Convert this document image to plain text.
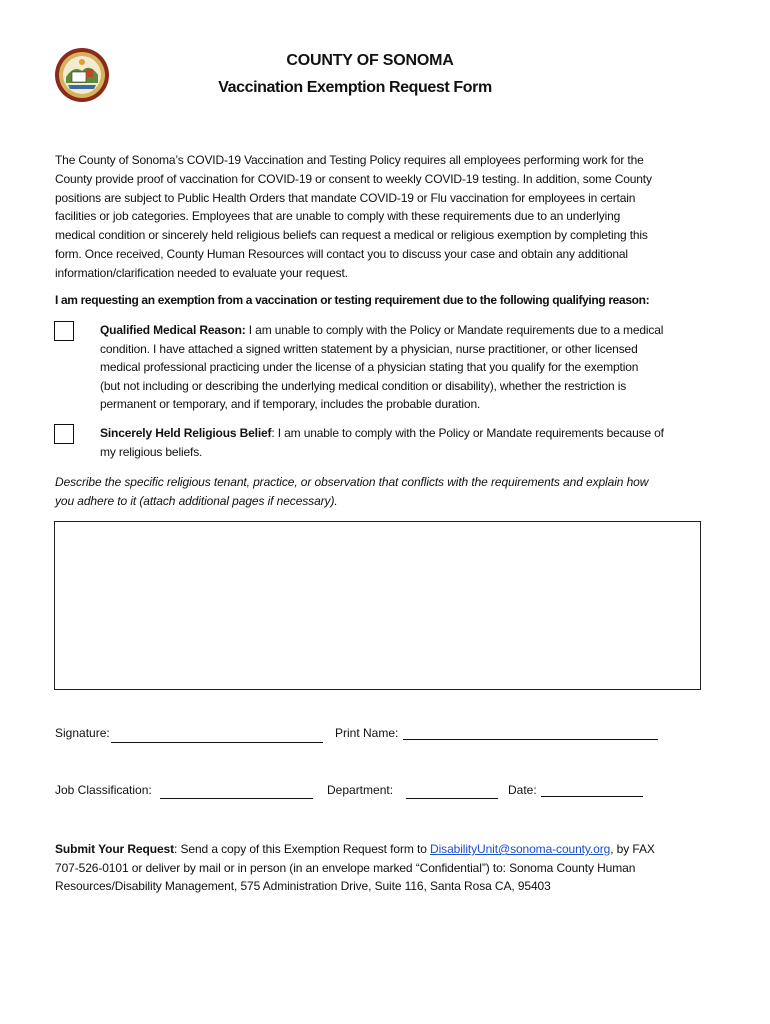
COUNTY OF SONOMA
Vaccination Exemption Request Form
The County of Sonoma’s COVID-19 Vaccination and Testing Policy requires all employees performing work for the
County provide proof of vaccination for COVID-19 or consent to weekly COVID-19 testing. In addition, some County
positions are subject to Public Health Orders that mandate COVID-19 or Flu vaccination for employees in certain
facilities or job categories. Employees that are unable to comply with these requirements due to an underlying
medical condition or sincerely held religious beliefs can request a medical or religious exemption by completing this
form. Once received, County Human Resources will contact you to discuss your case and obtain any additional
information/clarification needed to evaluate your request.
I am requesting an exemption from a vaccination or testing requirement due to the following qualifying reason:
Qualified Medical Reason: I am unable to comply with the Policy or Mandate requirements due to a medical
condition. I have attached a signed written statement by a physician, nurse practitioner, or other licensed
medical professional practicing under the license of a physician stating that you qualify for the exemption
(but not including or describing the underlying medical condition or disability), whether the restriction is
permanent or temporary, and if temporary, includes the probable duration.
Sincerely Held Religious Belief: I am unable to comply with the Policy or Mandate requirements because of
my religious beliefs.
Describe the specific religious tenant, practice, or observation that conflicts with the requirements and explain how
you adhere to it (attach additional pages if necessary).
Signature:	Print Name:
Job Classification:	Department:	Date:
Submit Your Request: Send a copy of this Exemption Request form to DisabilityUnit@sonoma-county.org, by FAX
707-526-0101 or deliver by mail or in person (in an envelope marked “Confidential”) to: Sonoma County Human
Resources/Disability Management, 575 Administration Drive, Suite 116, Santa Rosa CA, 95403
